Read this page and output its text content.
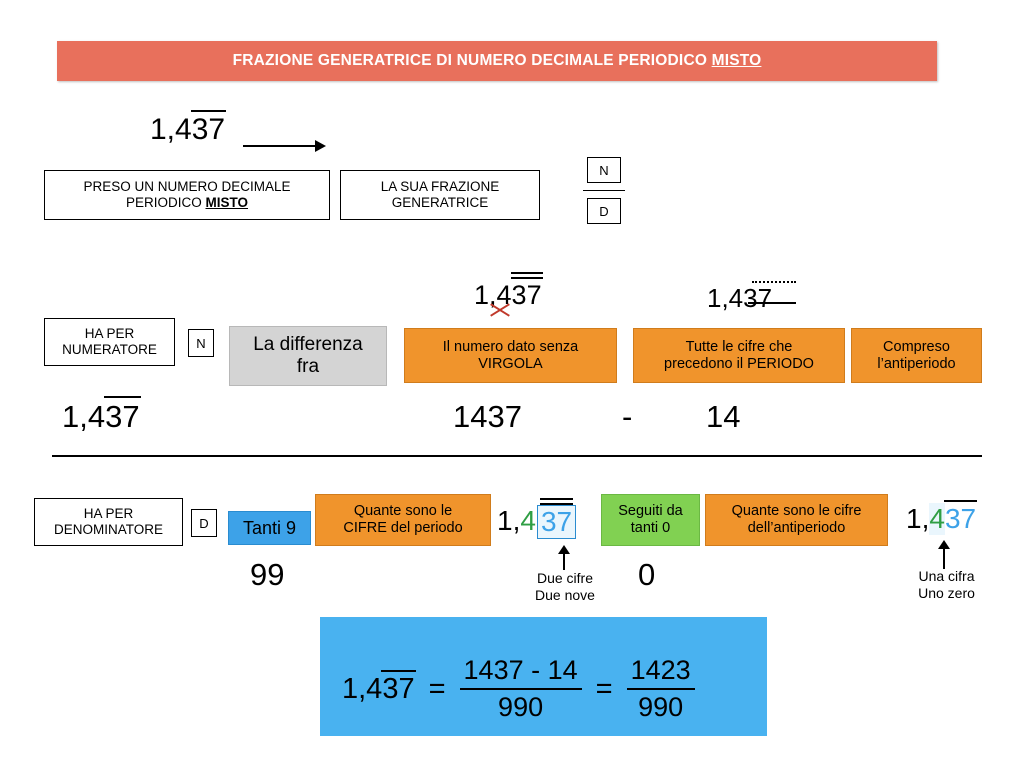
FRAZIONE GENERATRICE DI NUMERO DECIMALE PERIODICO MISTO
1,437
PRESO UN NUMERO DECIMALE
PERIODICO MISTO
LA SUA FRAZIONE
GENERATRICE	$\frac{N}{D}$
HA PER
NUMERATORE	N	La differenza
fra
1,437
Il numero dato senza
VIRGOLA
1,437
Tutte le cifre che
precedono il PERIODO
Compreso
l’antiperiodo
1,437	1437	- 14
HA PER
DENOMINATORE	D	Tanti 9
Quante sono le
CIFRE del periodo 1, 4 37
Due cifre
Due nove
Seguiti da
tanti 0
Quante sono le cifre
dell’antiperiodo 1, 4 37
Una cifra
Uno zero
99	0
$1,437 = \frac{1437 - 14}{990} = \frac{1423}{990}$
